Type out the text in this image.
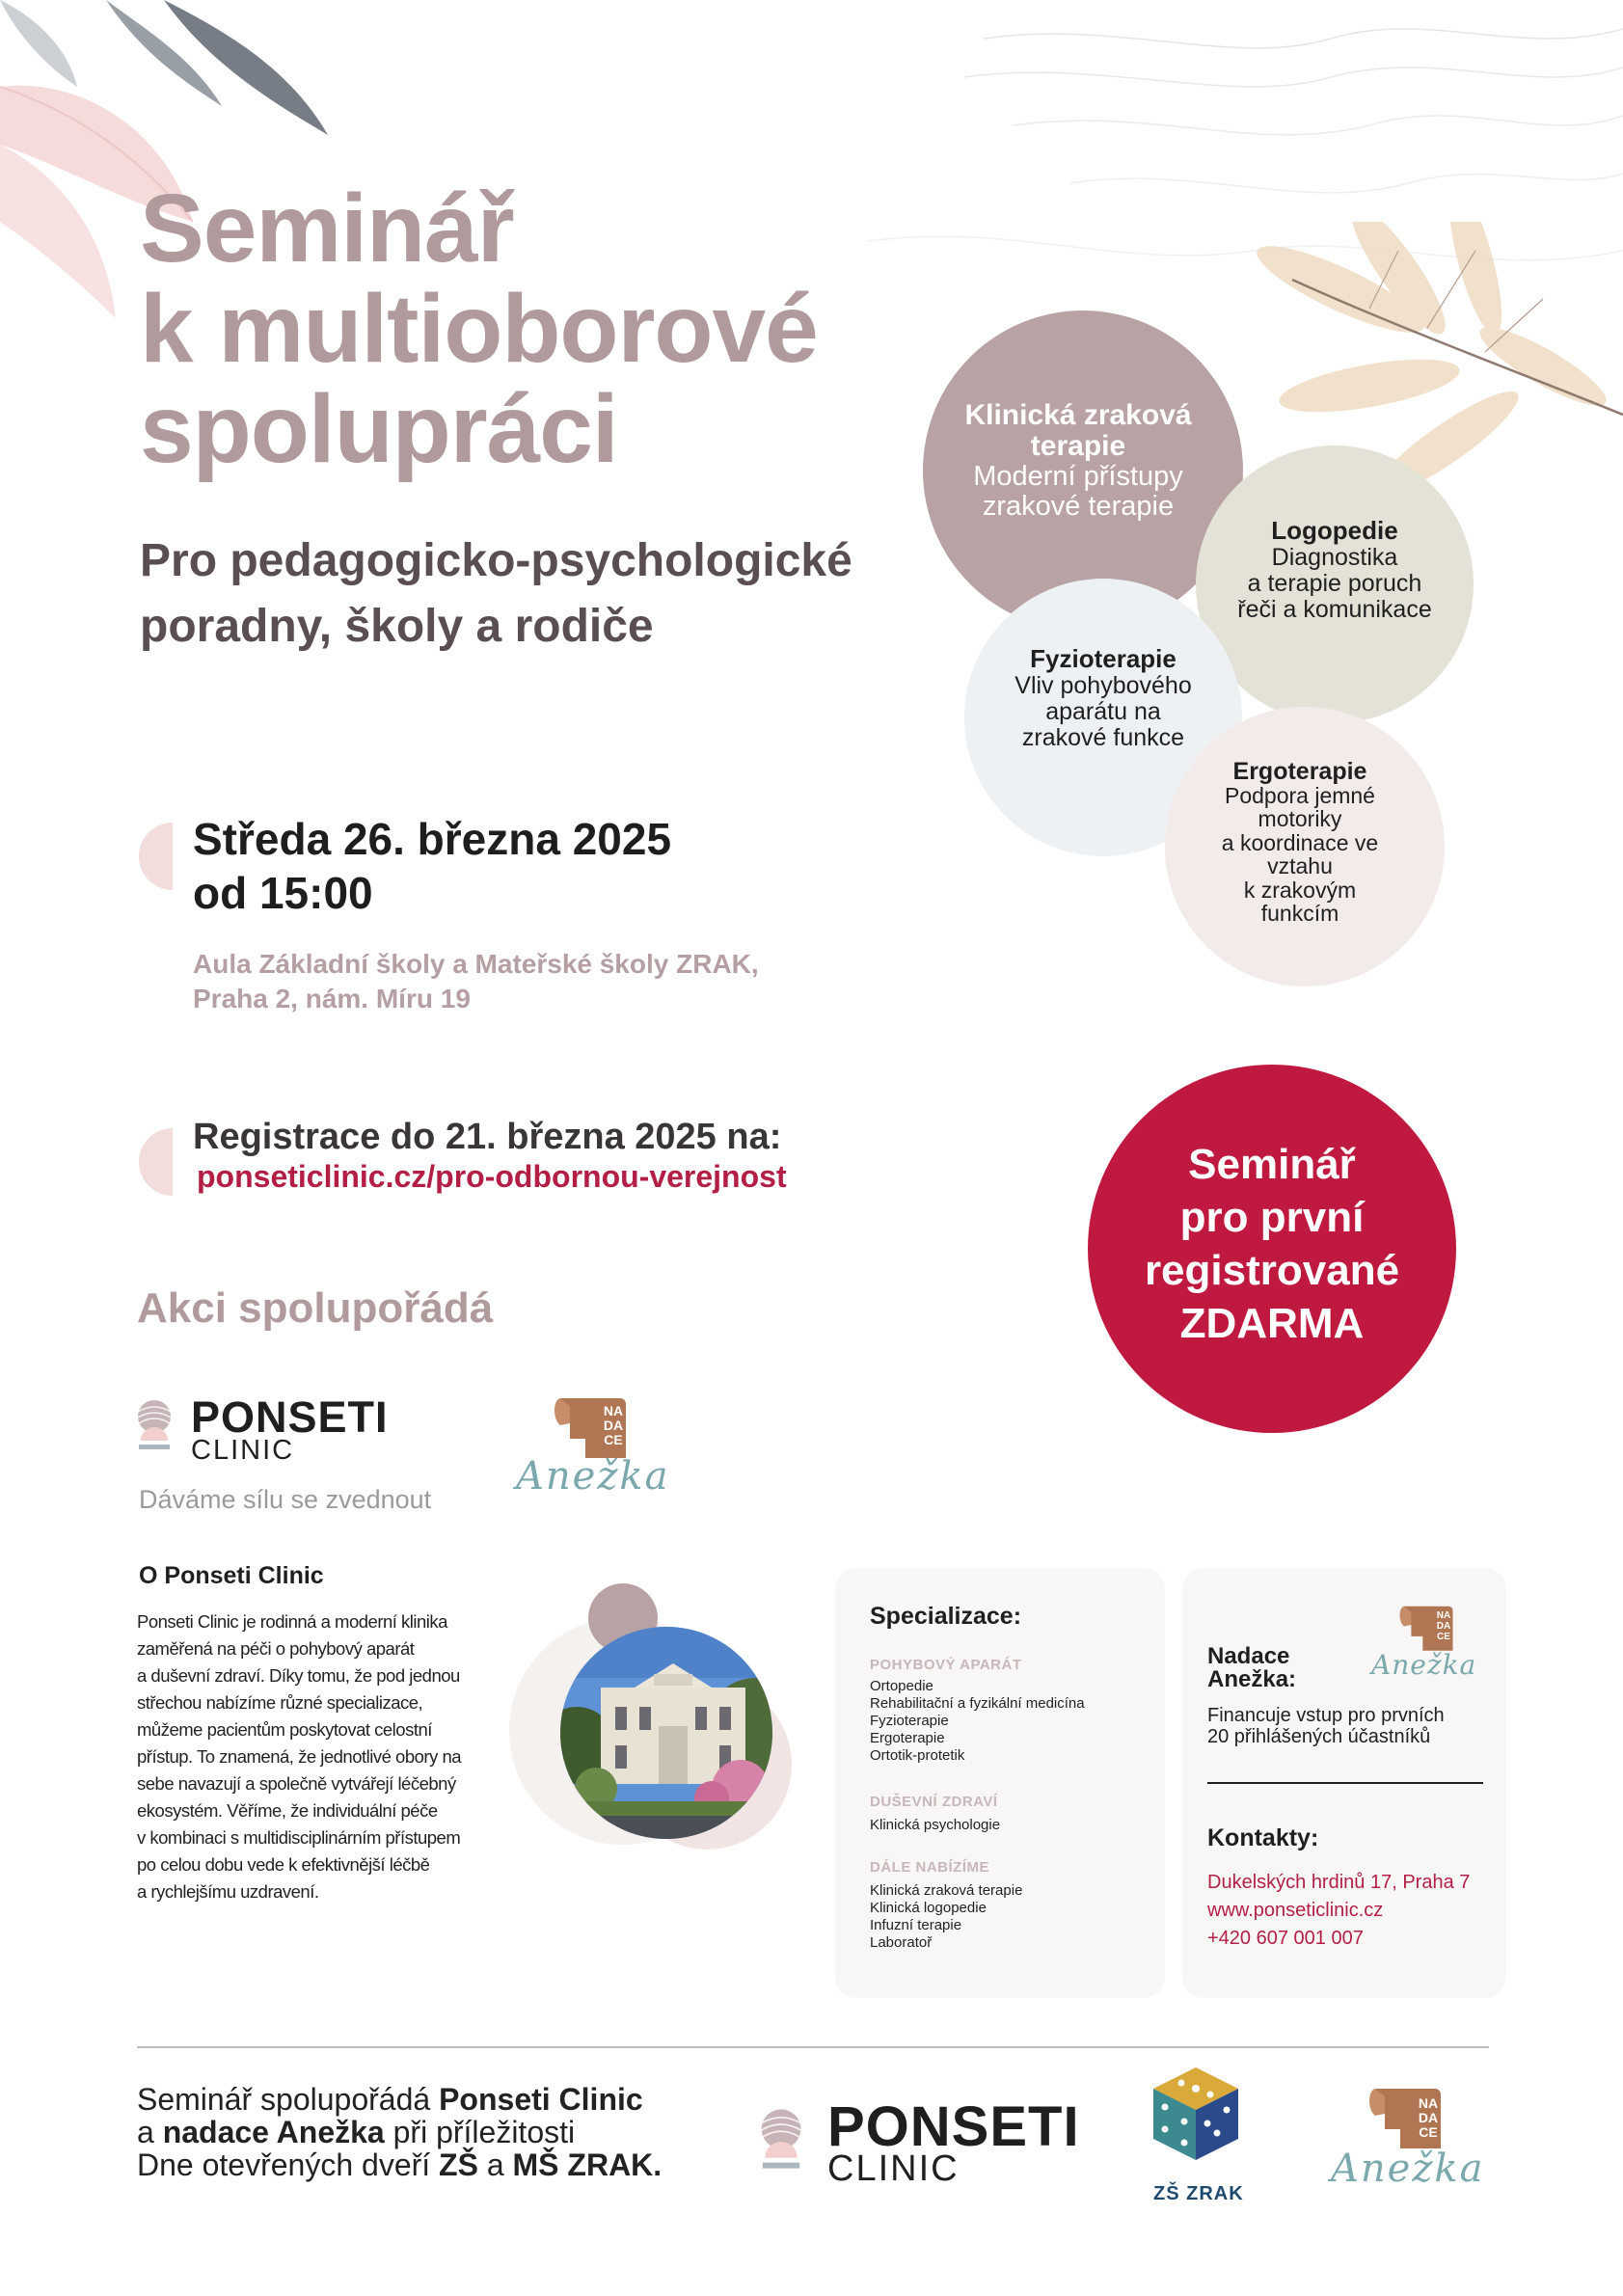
Seminář
k multioborové
spolupráci
Pro pedagogicko-psychologické
poradny, školy a rodiče
Klinická zraková
terapie
Moderní přístupy
zrakové terapie
Logopedie
Diagnostika
a terapie poruch
řeči a komunikace
Fyzioterapie
Vliv pohybového
aparátu na
zrakové funkce
Ergoterapie
Podpora jemné
motoriky
a koordinace ve
vztahu
k zrakovým
funkcím
Středa 26. března 2025
od 15:00
Aula Základní školy a Mateřské školy ZRAK,
Praha 2, nám. Míru 19
Registrace do 21. března 2025 na:
ponseticlinic.cz/pro-odbornou-verejnost	Seminář
pro první
registrované
ZDARMA
Akci spolupořádá
PONSETI
CLINIC
Dáváme sílu se zvednout
NA
DA
CE
Anežka
O Ponseti Clinic
Ponseti Clinic je rodinná a moderní klinika
zaměřená na péči o pohybový aparát
a duševní zdraví. Díky tomu, že pod jednou
střechou nabízíme různé specializace,
můžeme pacientům poskytovat celostní
přístup. To znamená, že jednotlivé obory na
sebe navazují a společně vytvářejí léčebný
ekosystém. Věříme, že individuální péče
v kombinaci s multidisciplinárním přístupem
po celou dobu vede k efektivnější léčbě
a rychlejšímu uzdravení.
Specializace:
POHYBOVÝ APARÁT
Ortopedie
Rehabilitační a fyzikální medicína
Fyzioterapie
Ergoterapie
Ortotik-protetik
DUŠEVNÍ ZDRAVÍ
Klinická psychologie
DÁLE NABÍZÍME
Klinická zraková terapie
Klinická logopedie
Infuzní terapie
Laboratoř
Nadace
Anežka:
NA
DA
CE
Anežka
Financuje vstup pro prvních
20 přihlášených účastníků
Kontakty:
Dukelských hrdinů 17, Praha 7
www.ponseticlinic.cz
+420 607 001 007
Seminář spolupořádá Ponseti Clinic
a nadace Anežka při příležitosti
Dne otevřených dveří ZŠ a MŠ ZRAK.
PONSETI
CLINIC
ZŠ ZRAK
NA
DA
CE
Anežka
